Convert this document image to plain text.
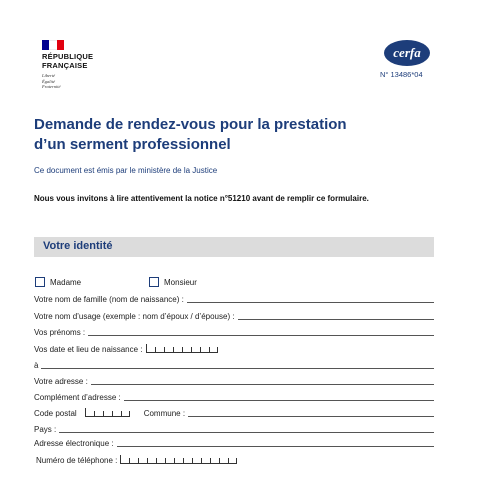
RÉPUBLIQUE
FRANÇAISE
Liberté
Égalité
Fraternité
cerfa
N° 13486*04
Demande de rendez-vous pour la prestation
d’un serment professionnel
Ce document est émis par le ministère de la Justice
Nous vous invitons à lire attentivement la notice n°51210 avant de remplir ce formulaire.
Votre identité
Madame	Monsieur
Votre nom de famille (nom de naissance) :
Votre nom d’usage (exemple : nom d’époux / d’épouse) :
Vos prénoms :
Vos date et lieu de naissance :
à
Votre adresse :
Complément d’adresse :
Code postal	Commune :
Pays :
Adresse électronique :
Numéro de téléphone :
